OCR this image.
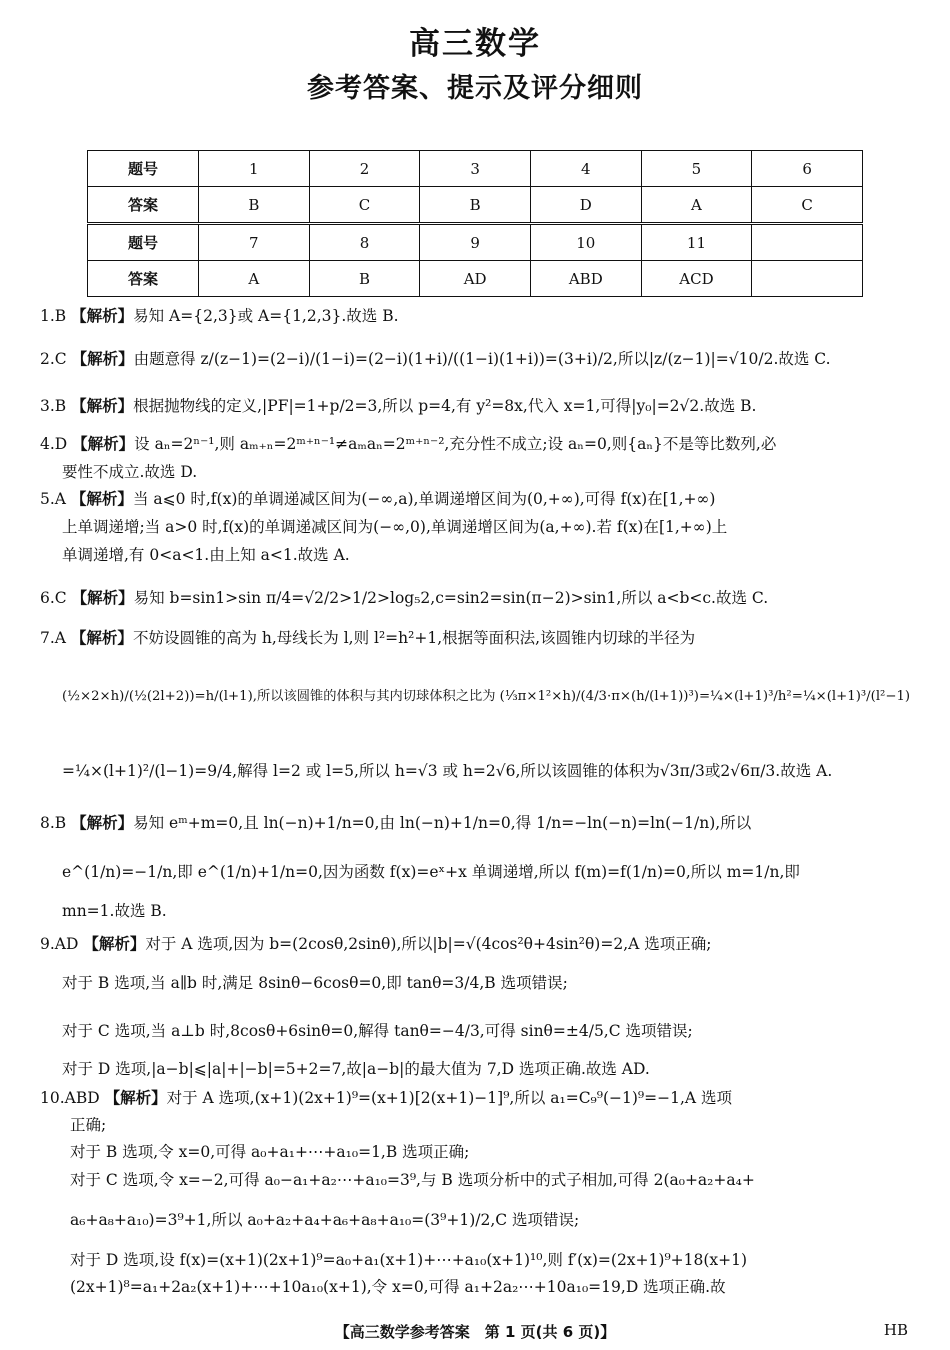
高三数学
参考答案、提示及评分细则
题号	1	2	3	4	5	6
答案	B	C	B	D	A	C
题号	7	8	9	10	11	
答案	A	B	AD	ABD	ACD	
1.B 【解析】易知 A={2,3}或 A={1,2,3}.故选 B.
2.C 【解析】由题意得 z/(z−1)=(2−i)/(1−i)=(2−i)(1+i)/((1−i)(1+i))=(3+i)/2,所以|z/(z−1)|=√10/2.故选 C.
3.B 【解析】根据抛物线的定义,|PF|=1+p/2=3,所以 p=4,有 y²=8x,代入 x=1,可得|y₀|=2√2.故选 B.
4.D 【解析】设 aₙ=2ⁿ⁻¹,则 aₘ₊ₙ=2ᵐ⁺ⁿ⁻¹≠aₘaₙ=2ᵐ⁺ⁿ⁻²,充分性不成立;设 aₙ=0,则{aₙ}不是等比数列,必
要性不成立.故选 D.
5.A 【解析】当 a⩽0 时,f(x)的单调递减区间为(−∞,a),单调递增区间为(0,+∞),可得 f(x)在[1,+∞)
上单调递增;当 a>0 时,f(x)的单调递减区间为(−∞,0),单调递增区间为(a,+∞).若 f(x)在[1,+∞)上
单调递增,有 0<a<1.由上知 a<1.故选 A.
6.C 【解析】易知 b=sin1>sin π/4=√2/2>1/2>log₅2,c=sin2=sin(π−2)>sin1,所以 a<b<c.故选 C.
7.A 【解析】不妨设圆锥的高为 h,母线长为 l,则 l²=h²+1,根据等面积法,该圆锥内切球的半径为
(½×2×h)/(½(2l+2))=h/(l+1),所以该圆锥的体积与其内切球体积之比为 (⅓π×1²×h)/(4/3·π×(h/(l+1))³)=¼×(l+1)³/h²=¼×(l+1)³/(l²−1)
=¼×(l+1)²/(l−1)=9/4,解得 l=2 或 l=5,所以 h=√3 或 h=2√6,所以该圆锥的体积为√3π/3或2√6π/3.故选 A.
8.B 【解析】易知 eᵐ+m=0,且 ln(−n)+1/n=0,由 ln(−n)+1/n=0,得 1/n=−ln(−n)=ln(−1/n),所以
e^(1/n)=−1/n,即 e^(1/n)+1/n=0,因为函数 f(x)=eˣ+x 单调递增,所以 f(m)=f(1/n)=0,所以 m=1/n,即
mn=1.故选 B.
9.AD 【解析】对于 A 选项,因为 b=(2cosθ,2sinθ),所以|b|=√(4cos²θ+4sin²θ)=2,A 选项正确;
对于 B 选项,当 a∥b 时,满足 8sinθ−6cosθ=0,即 tanθ=3/4,B 选项错误;
对于 C 选项,当 a⊥b 时,8cosθ+6sinθ=0,解得 tanθ=−4/3,可得 sinθ=±4/5,C 选项错误;
对于 D 选项,|a−b|⩽|a|+|−b|=5+2=7,故|a−b|的最大值为 7,D 选项正确.故选 AD.
10.ABD 【解析】对于 A 选项,(x+1)(2x+1)⁹=(x+1)[2(x+1)−1]⁹,所以 a₁=C₉⁹(−1)⁹=−1,A 选项
正确;
对于 B 选项,令 x=0,可得 a₀+a₁+⋯+a₁₀=1,B 选项正确;
对于 C 选项,令 x=−2,可得 a₀−a₁+a₂⋯+a₁₀=3⁹,与 B 选项分析中的式子相加,可得 2(a₀+a₂+a₄+
a₆+a₈+a₁₀)=3⁹+1,所以 a₀+a₂+a₄+a₆+a₈+a₁₀=(3⁹+1)/2,C 选项错误;
对于 D 选项,设 f(x)=(x+1)(2x+1)⁹=a₀+a₁(x+1)+⋯+a₁₀(x+1)¹⁰,则 f′(x)=(2x+1)⁹+18(x+1)
(2x+1)⁸=a₁+2a₂(x+1)+⋯+10a₁₀(x+1),令 x=0,可得 a₁+2a₂⋯+10a₁₀=19,D 选项正确.故
【高三数学参考答案　第 1 页(共 6 页)】	HB
